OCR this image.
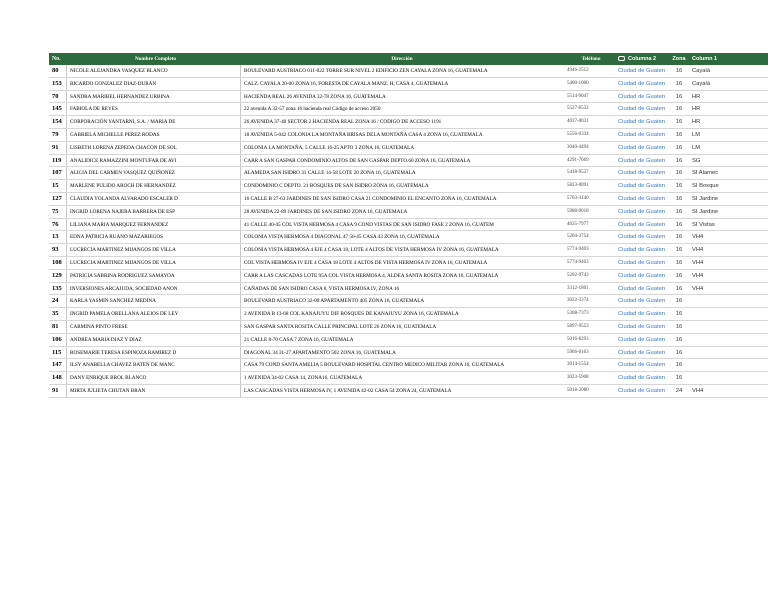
No.	Nombre Completo	Dirección	Teléfono	Columna 2	Zona	Column 1
80	NICOLE ALEJANDRA VASQUEZ BLANCO	BOULEVARD AUSTRIACO 011-022 TORRE SUR NIVEL 2 EDIFICIO ZEN CAYALA ZONA 16, GUATEMALA	4946-2512	Ciudad de Guaten	16	Cayalá
153	RICARDO GONZALEZ DIAZ-DURAN	CALZ. CAYALA 20-00 ZONA 16, FORESTA DE CAYALA MANZ. H, CASA 4, GUATEMALA	5400-1000	Ciudad de Guaten	16	Cayalá
70	SANDRA MARIBEL HERNANDEZ URBINA	HACIENDA REAL 26 AVENIDA 32-78 ZONA 16, GUATEMALA	5514-9047	Ciudad de Guaten	16	HR
145	FABIOLA DE REYES	22 avenida A 32-57 zona 16 hacienda real Código de acceso 2050	5527-0532	Ciudad de Guaten	16	HR
154	CORPORACIÓN YANTARNI, S.A. / MARIA DE	26 AVENIDA 37-40 SECTOR 2 HACIENDA REAL ZONA 16 / CODIGO DE ACCESO 1191	4037-0031	Ciudad de Guaten	16	HR
79	GABRIELA MICHELLE PEREZ RODAS	18 AVENIDA 5-042 COLONIA LA MONTAÑA BRISAS DELA MONTAÑA CASA 4 ZONA 16, GUATEMALA	5556-0334	Ciudad de Guaten	16	LM
91	LISBETH LORENA ZEPEDA CHACON DE SOL	COLONIA LA MONTAÑA, 5 CALLE 16-25 APTO 3 ZONA 16, GUATEMALA	3040-4494	Ciudad de Guaten	16	LM
119	ANALIDICE RAMAZZINI MONTUFAR DE AVI	CARR A SAN GASPAR CONDOMINIO ALTOS DE SAN GASPAR DEPTO.60 ZONA 16, GUATEMALA	4291-7669	Ciudad de Guaten	16	SG
107	ALICIA DEL CARMEN VASQUEZ QUIÑONEZ	ALAMEDA SAN ISIDRO 31 CALLE 14-58 LOTE 20 ZONA 16, GUATEMALA	5418-9527	Ciudad de Guaten	16	SI Alamec
15	MARLENE PULIDO AROCH DE HERNANDEZ	CONDOMINIO C DEPTO. 21 BOSQUES DE SAN ISIDRO ZONA 16, GUATEMALA	5823-0091	Ciudad de Guaten	16	SI Bosque
127	CLAUDIA YOLANDA ALVARADO ESCALER D	16 CALLE B 27-63 JARDINES DE SAN ISIDRO CASA 21 CONDOMINIO EL ENCANTO ZONA 16, GUATEMALA	5703-3140	Ciudad de Guaten	16	SI Jardine
75	INGRID LORENA NAJERA BARRERA DE ESP	28 AVENIDA 22-89 JARDINES DE SAN ISIDRO ZONA 16, GUATEMALA	5988-0018	Ciudad de Guaten	16	SI Jardine
76	LILIANA MARIA MARQUEZ FERNANDEZ	41 CALLE 40-45 COL VISTA HERMOSA 4 CASA 9 COND VISTAS DE SAN ISIDRO FASE 2 ZONA 16, GUATEM	4635-7977	Ciudad de Guaten	16	SI Vistas
13	EDNA PATRICIA RUANO MAZARIEGOS	COLONIA VISTA HERMOSA 4 DIAGONAL 47 56-45 CASA 43 ZONA 16, GUATEMALA	5204-3754	Ciudad de Guaten	16	VH4
93	LUCRECIA MARTINEZ MIJANGOS DE VILLA	COLONIA VISTA HERMOSA 4 EJE 4 CASA 18, LOTE 4 ALTOS DE VISTA HERMOSA IV ZONA 16, GUATEMALA	5774-9403	Ciudad de Guaten	16	VH4
108	LUCRECIA MARTINEZ MIJANGOS DE VILLA	COL VISTA HERMOSA IV EJE 4 CASA 18 LOTE 4 ALTOS DE VISTA HERMOSA IV ZONA 16, GUATEMALA	5774-9403	Ciudad de Guaten	16	VH4
129	PATRICIA SABRINA RODRIGUEZ SAMAYOA	CARR A LAS CASCADAS LOTE 95A COL VISTA HERMOSA 4, ALDEA SANTA ROSITA ZONA 16, GUATEMALA	5202-9743	Ciudad de Guaten	16	VH4
135	INVERSIONES ARCAJUDA, SOCIEDAD ANON	CAÑADAS DE SAN ISIDRO CASA 8, VISTA HERMOSA IV, ZONA 16	3312-1801	Ciudad de Guaten	16	VH4
24	KARLA YASMIN SANCHEZ MEDINA	BOULEVARD AUSTRIACO 32-08 APARTAMENTO 405 ZONA 16, GUATEMALA	3022-3374	Ciudad de Guaten	16
35	INGRID PAMELA ORELLANA ALEJOS DE LEY	2 AVENIDA B 13-68 COL KANAJUYU DIF BOSQUES DE KANAJUYU ZONA 16, GUATEMALA	5308-7373	Ciudad de Guaten	16
81	CARMINA PINTO FRESE	SAN GASPAR SANTA ROSITA CALLE PRINCIPAL LOTE 26 ZONA 16, GUATEMALA	5897-9553	Ciudad de Guaten	16
106	ANDREA MARIA DIAZ Y DIAZ	21 CALLE 8-70 CASA 7 ZONA 16, GUATEMALA	5016-8293	Ciudad de Guaten	16
115	ROSEMARIE TERESA ESPINOZA RAMIREZ D	DIAGONAL 34 31-27 APARTAMENTO 502 ZONA 16, GUATEMALA	5966-6163	Ciudad de Guaten	16
147	ILSY ANABELLA CHAVEZ BATEN DE MANC	CASA 79 COND SANTA AMELIA 5 BOULEVARD HOSPITAL CENTRO MEDICO MILITAR ZONA 16, GUATEMALA	3014-1554	Ciudad de Guaten	16
148	DANY ENRIQUE BROL BLANCO	1 AVENIDA 34-02 CASA 14, ZONA16, GUATEMALA	3023-5908	Ciudad de Guaten	16
91	MIRTA JULIETA CHUTAN BRAN	LAS CASCADAS VISTA HERMOSA IV, 1 AVENIDA 42-02 CASA 54 ZONA 24, GUATEMALA	5018-2080	Ciudad de Guaten	24	VH4
